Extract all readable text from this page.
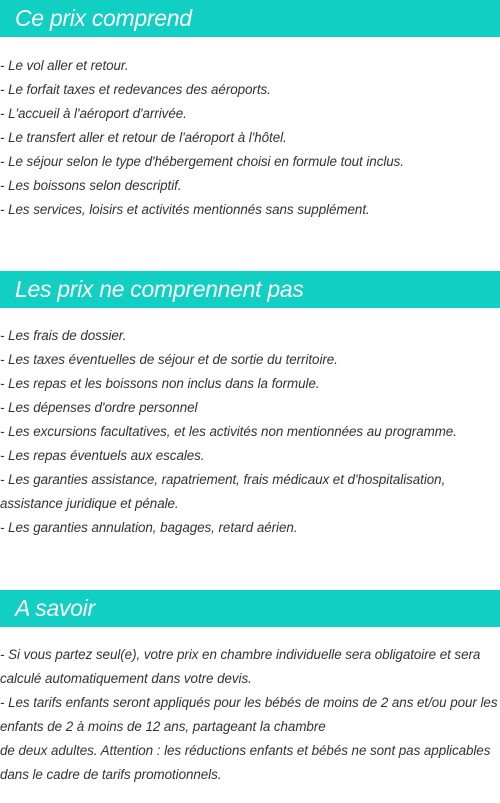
Ce prix comprend
- Le vol aller et retour.
- Le forfait taxes et redevances des aéroports.
- L'accueil à l'aéroport d'arrivée.
- Le transfert aller et retour de l'aéroport à l'hôtel.
- Le séjour selon le type d'hébergement choisi en formule tout inclus.
- Les boissons selon descriptif.
- Les services, loisirs et activités mentionnés sans supplément.
Les prix ne comprennent pas
- Les frais de dossier.
- Les taxes éventuelles de séjour et de sortie du territoire.
- Les repas et les boissons non inclus dans la formule.
- Les dépenses d'ordre personnel
- Les excursions facultatives, et les activités non mentionnées au programme.
- Les repas éventuels aux escales.
- Les garanties assistance, rapatriement, frais médicaux et d'hospitalisation, assistance juridique et pénale.
- Les garanties annulation, bagages, retard aérien.
A savoir
- Si vous partez seul(e), votre prix en chambre individuelle sera obligatoire et sera calculé automatiquement dans votre devis.
- Les tarifs enfants seront appliqués pour les bébés de moins de 2 ans et/ou pour les enfants de 2 à moins de 12 ans, partageant la chambre
de deux adultes. Attention : les réductions enfants et bébés ne sont pas applicables dans le cadre de tarifs promotionnels.
